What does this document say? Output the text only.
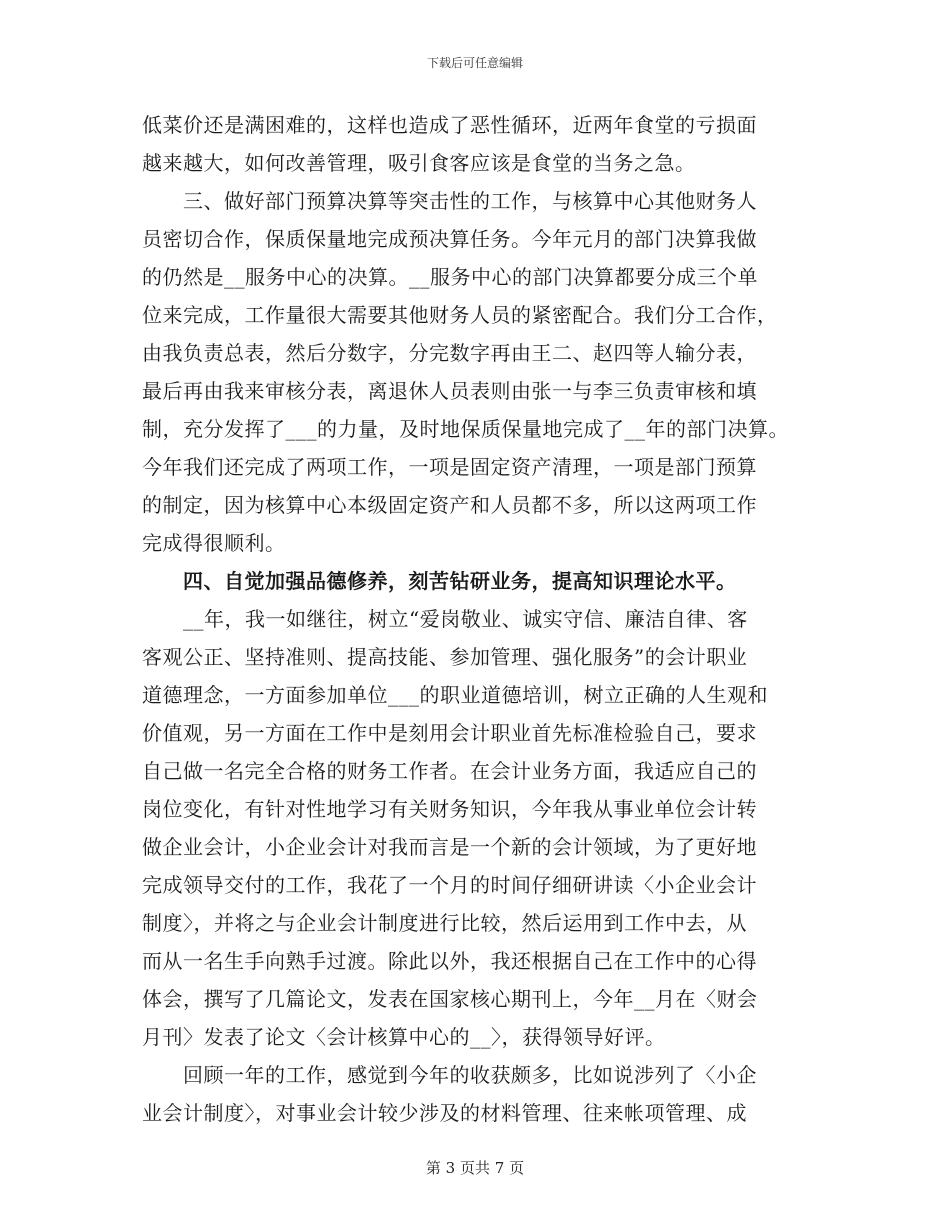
下载后可任意编辑
低菜价还是满困难的，这样也造成了恶性循环，近两年食堂的亏损面
越来越大，如何改善管理，吸引食客应该是食堂的当务之急。
　　三、做好部门预算决算等突击性的工作，与核算中心其他财务人
员密切合作，保质保量地完成预决算任务。今年元月的部门决算我做
的仍然是__服务中心的决算。__服务中心的部门决算都要分成三个单
位来完成，工作量很大需要其他财务人员的紧密配合。我们分工合作，
由我负责总表，然后分数字，分完数字再由王二、赵四等人输分表，
最后再由我来审核分表，离退休人员表则由张一与李三负责审核和填
制，充分发挥了___的力量，及时地保质保量地完成了__年的部门决算。
今年我们还完成了两项工作，一项是固定资产清理，一项是部门预算
的制定，因为核算中心本级固定资产和人员都不多，所以这两项工作
完成得很顺利。
　　四、自觉加强品德修养，刻苦钻研业务，提高知识理论水平。
　　__年，我一如继往，树立“爱岗敬业、诚实守信、廉洁自律、客
客观公正、坚持准则、提高技能、参加管理、强化服务”的会计职业
道德理念，一方面参加单位___的职业道德培训，树立正确的人生观和
价值观，另一方面在工作中是刻用会计职业首先标准检验自己，要求
自己做一名完全合格的财务工作者。在会计业务方面，我适应自己的
岗位变化，有针对性地学习有关财务知识，今年我从事业单位会计转
做企业会计，小企业会计对我而言是一个新的会计领域，为了更好地
完成领导交付的工作，我花了一个月的时间仔细研讲读〈小企业会计
制度〉，并将之与企业会计制度进行比较，然后运用到工作中去，从
而从一名生手向熟手过渡。除此以外，我还根据自己在工作中的心得
体会，撰写了几篇论文，发表在国家核心期刊上，今年__月在〈财会
月刊〉发表了论文〈会计核算中心的__〉，获得领导好评。
　　回顾一年的工作，感觉到今年的收获颇多，比如说涉列了〈小企
业会计制度〉，对事业会计较少涉及的材料管理、往来帐项管理、成
第 3 页共 7 页
